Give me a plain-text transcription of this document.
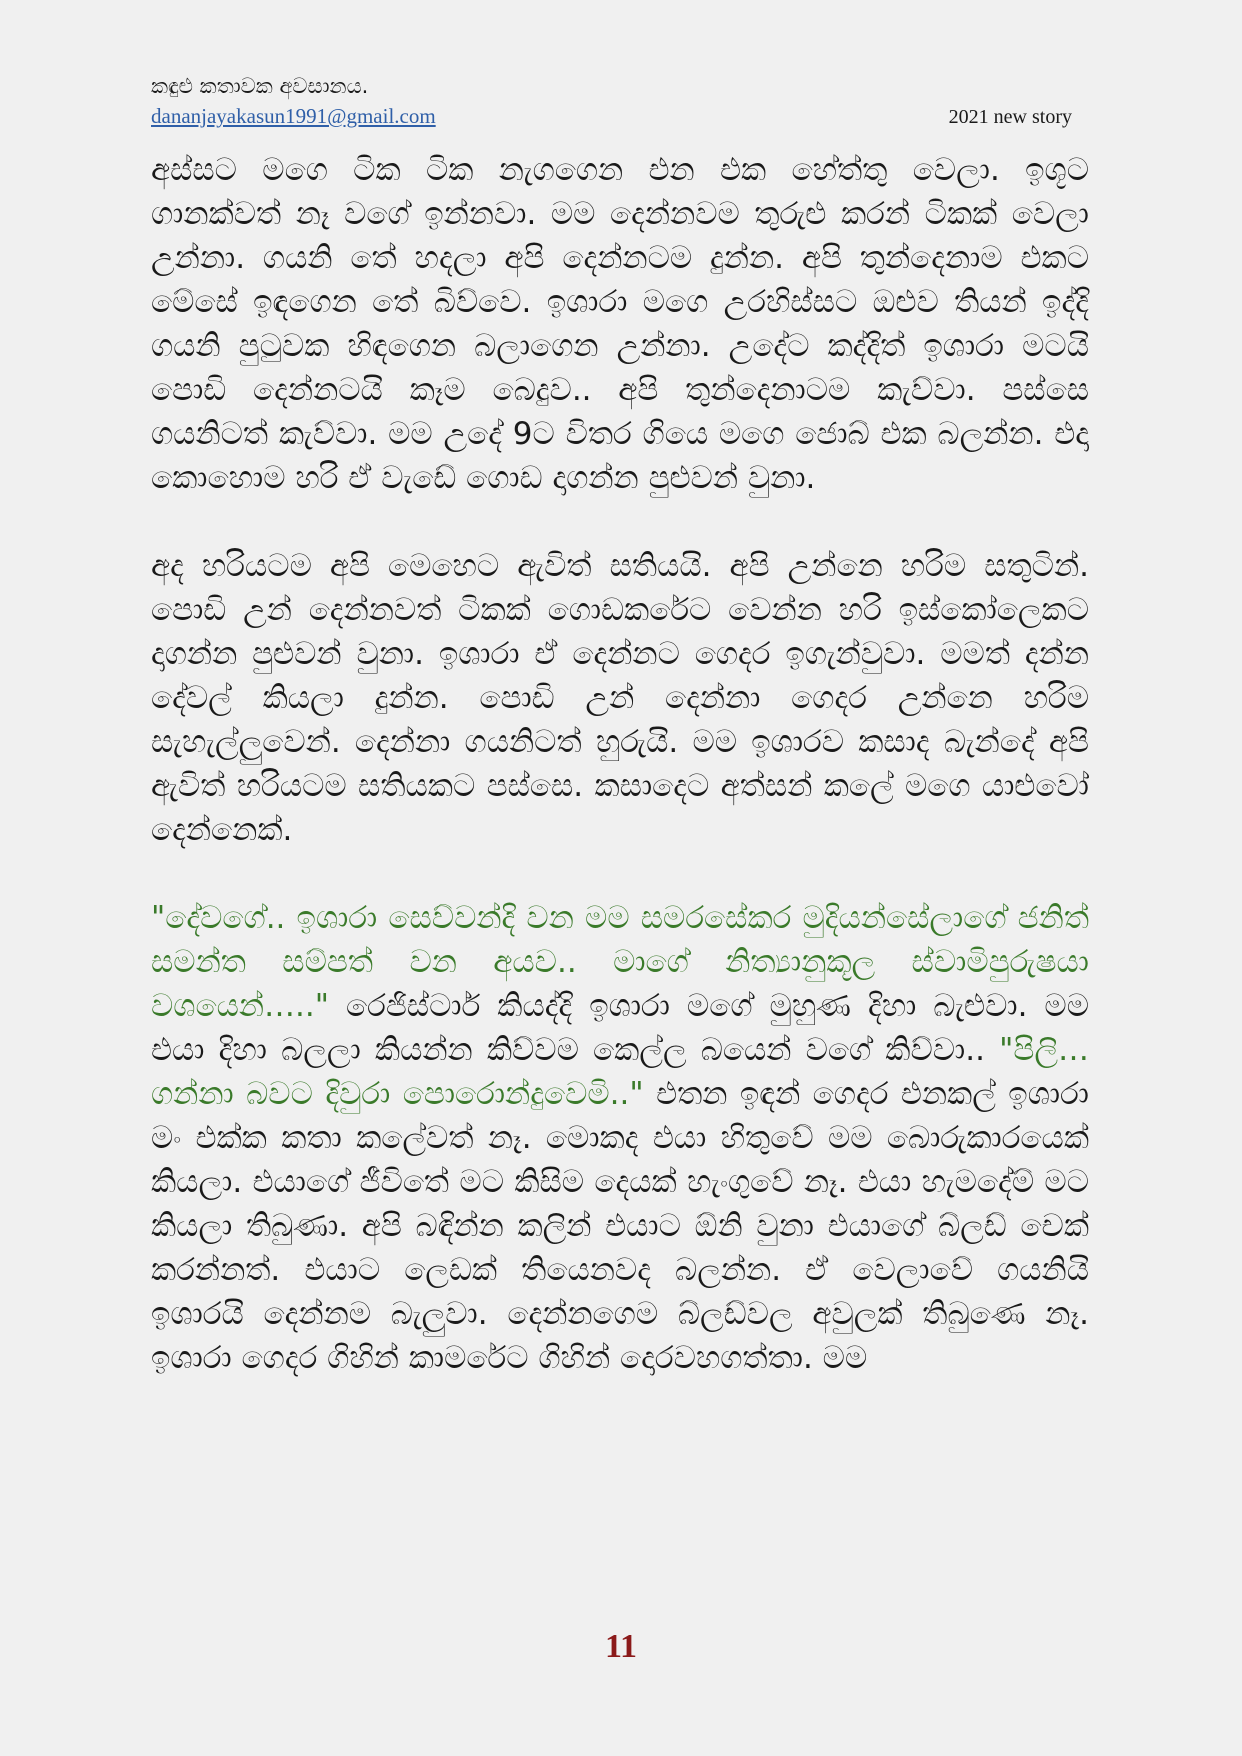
කඳුළු කතාවක අවසානය.
dananjayakasun1991@gmail.com	2021 new story

අස්සට මගෙ ටික ටික නැගගෙන එන එක හේත්තු වෙලා. ඉශූට ගානක්වත් නෑ වගේ ඉන්නවා. මම දෙන්නවම තුරුළු කරන් ටිකක් වෙලා උන්නා. ගයනි තේ හදලා අපි දෙන්නටම දුන්න. අපි තුන්දෙනාම එකට මේසේ ඉඳගෙන තේ බිව්වෙ. ඉශාරා මගෙ උරහිස්සට ඔළුව තියන් ඉද්දි ගයනි පුටුවක හිඳගෙන බලාගෙන උන්නා. උදේට කද්දිත් ඉශාරා මටයි පොඩි දෙන්නටයි කෑම බෙදුව.. අපි තුන්දෙනාටම කැව්වා. පස්සෙ ගයනිටත් කැව්වා. මම උදේ 9ට විතර ගියෙ මගෙ ජොබ් එක බලන්න. එදා කොහොම හරි ඒ වැඩේ ගොඩ දාගන්න පුළුවන් වුනා.

අද හරියටම අපි මෙහෙට ඇවිත් සතියයි. අපි උන්නෙ හරිම සතුටින්. පොඩි උන් දෙන්නවත් ටිකක් ගොඩකරේට වෙන්න හරි ඉස්කෝලෙකට දාගන්න පුළුවන් වුනා. ඉශාරා ඒ දෙන්නට ගෙදර ඉගැන්වුවා. මමත් දන්න දේවල් කියලා දුන්න. පොඩි උන් දෙන්නා ගෙදර උන්නෙ හරිම සැහැල්ලුවෙන්. දෙන්නා ගයනිටත් හුරුයි. මම ඉශාරව කසාද බැන්දේ අපි ඇවිත් හරියටම සතියකට පස්සෙ. කසාදෙට අත්සන් කලේ මගෙ යාළුවෝ දෙන්නෙක්.

"දේවගේ.. ඉශාරා සෙව්වන්දි වන මම සමරසේකර මුදියන්සේලාගේ ජනිත් සමන්ත සම්පත් වන අයව.. මාගේ නිත්‍යානුකූල ස්වාමිපුරුෂයා වශයෙන්….." රෙජිස්ටාර් කියද්දි ඉශාරා මගේ මුහුණ දිහා බැළුවා. මම එයා දිහා බලලා කියන්න කිව්වම කෙල්ල බයෙන් වගේ කිව්වා.. "පිලි…ගන්නා බවට දිවුරා පොරොන්දුවෙමි.." එතන ඉඳන් ගෙදර එනකල් ඉශාරා මං එක්ක කතා කලේවත් නෑ. මොකද එයා හිතුවේ මම බොරුකාරයෙක් කියලා. එයාගේ ජීවිතේ මට කිසිම දෙයක් හැංගුවේ නෑ. එයා හැමදේම් මට කියලා තිබුණා. අපි බඳින්න කලින් එයාට ඕනි වුනා එයාගේ බ්ලඩ් චෙක් කරන්නත්. එයාට ලෙඩක් තියෙනවද බලන්න. ඒ වෙලාවේ ගයනියි ඉශාරයි දෙන්නම බැලුවා. දෙන්නගෙම බ්ලඩ්වල අවුලක් තිබුණෙ නෑ. ඉශාරා ගෙදර ගිහින් කාමරේට ගිහින් දොරවහගත්තා. මම

11
